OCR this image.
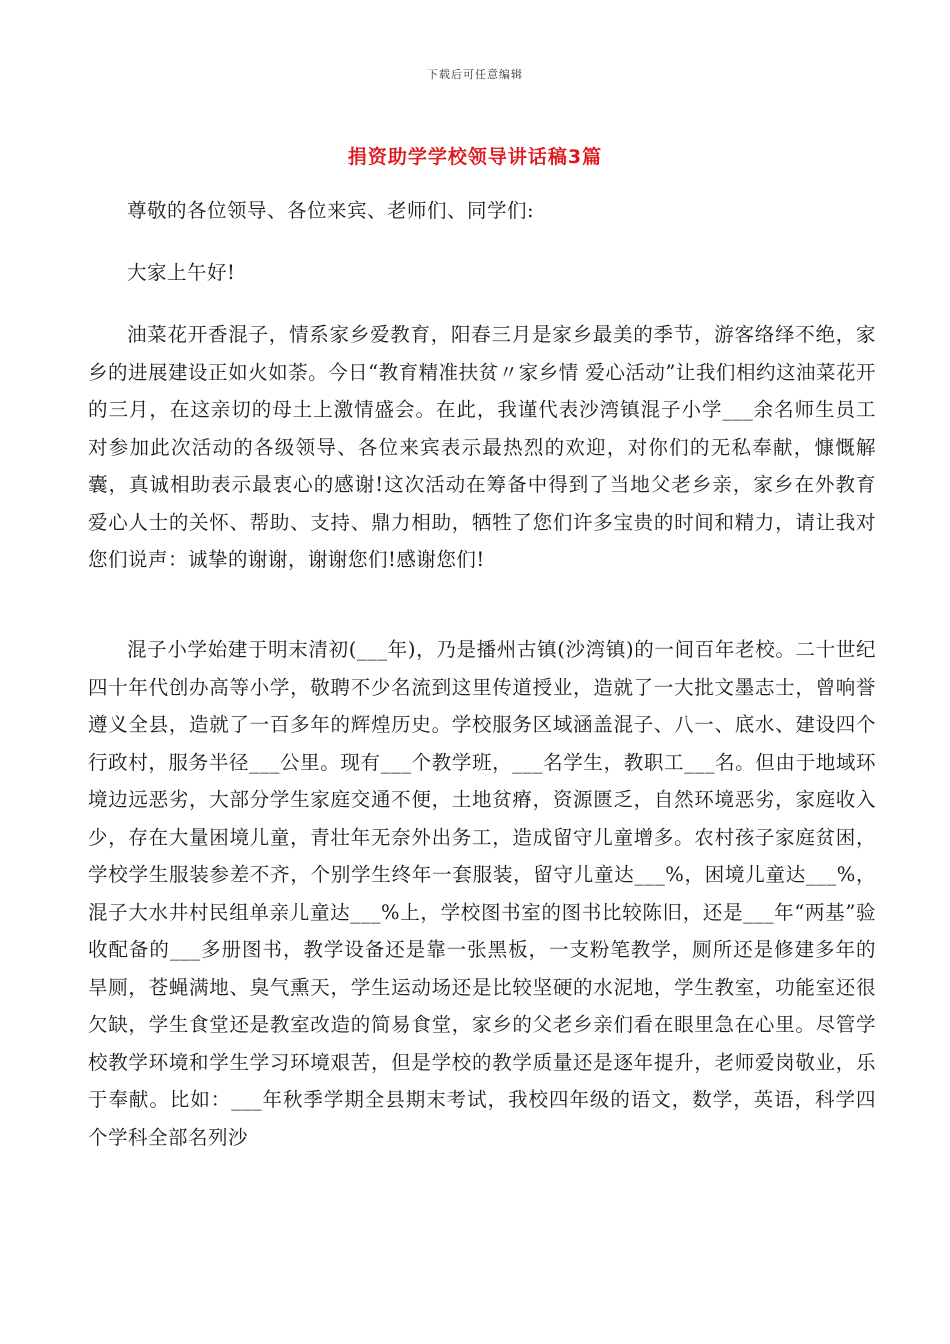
下载后可任意编辑
捐资助学学校领导讲话稿3篇

尊敬的各位领导、各位来宾、老师们、同学们:

大家上午好!

油菜花开香混子，情系家乡爱教育，阳春三月是家乡最美的季节，游客络绎不绝，家乡的进展建设正如火如荼。今日“教育精准扶贫〃家乡情 爱心活动”让我们相约这油菜花开的三月，在这亲切的母土上激情盛会。在此，我谨代表沙湾镇混子小学___余名师生员工对参加此次活动的各级领导、各位来宾表示最热烈的欢迎，对你们的无私奉献，慷慨解囊，真诚相助表示最衷心的感谢!这次活动在筹备中得到了当地父老乡亲，家乡在外教育爱心人士的关怀、帮助、支持、鼎力相助，牺牲了您们许多宝贵的时间和精力，请让我对您们说声：诚挚的谢谢，谢谢您们!感谢您们!

混子小学始建于明末清初(___年)，乃是播州古镇(沙湾镇)的一间百年老校。二十世纪四十年代创办高等小学，敬聘不少名流到这里传道授业，造就了一大批文墨志士，曾响誉遵义全县，造就了一百多年的辉煌历史。学校服务区域涵盖混子、八一、底水、建设四个行政村，服务半径___公里。现有___个教学班，___名学生，教职工___名。但由于地域环境边远恶劣，大部分学生家庭交通不便，土地贫瘠，资源匮乏，自然环境恶劣，家庭收入少，存在大量困境儿童，青壮年无奈外出务工，造成留守儿童增多。农村孩子家庭贫困，学校学生服装参差不齐，个别学生终年一套服装，留守儿童达___%，困境儿童达___%，混子大水井村民组单亲儿童达___%上，学校图书室的图书比较陈旧，还是___年“两基”验收配备的___多册图书，教学设备还是靠一张黑板，一支粉笔教学，厕所还是修建多年的旱厕，苍蝇满地、臭气熏天，学生运动场还是比较坚硬的水泥地，学生教室，功能室还很欠缺，学生食堂还是教室改造的简易食堂，家乡的父老乡亲们看在眼里急在心里。尽管学校教学环境和学生学习环境艰苦，但是学校的教学质量还是逐年提升，老师爱岗敬业，乐于奉献。比如：___年秋季学期全县期末考试，我校四年级的语文，数学，英语，科学四个学科全部名列沙
